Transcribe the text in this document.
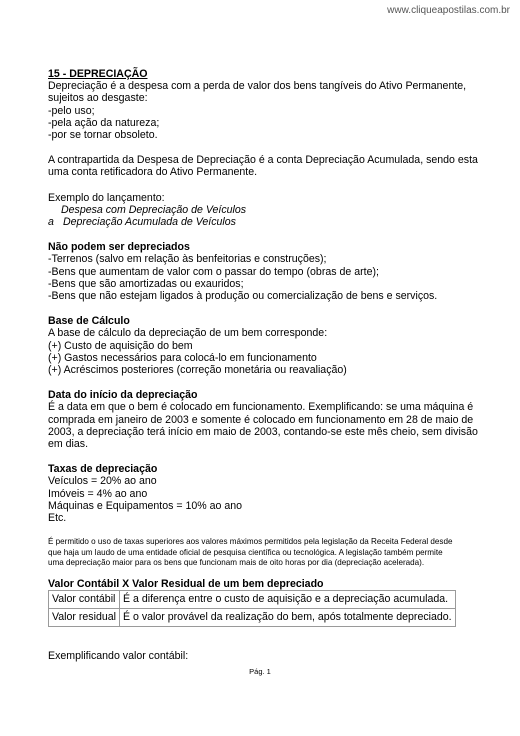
www.cliqueapostilas.com.br

15 - DEPRECIAÇÃO

Depreciação é a despesa com a perda de valor dos bens tangíveis do Ativo Permanente,

sujeitos ao desgaste:

-pelo uso;

-pela ação da natureza;

-por se tornar obsoleto.

A contrapartida da Despesa de Depreciação é a conta Depreciação Acumulada, sendo esta

uma conta retificadora do Ativo Permanente.

Exemplo do lançamento:

Despesa com Depreciação de Veículos

a Depreciação Acumulada de Veículos

Não podem ser depreciados

-Terrenos (salvo em relação às benfeitorias e construções);

-Bens que aumentam de valor com o passar do tempo (obras de arte);

-Bens que são amortizadas ou exauridos;

-Bens que não estejam ligados à produção ou comercialização de bens e serviços.

Base de Cálculo

A base de cálculo da depreciação de um bem corresponde:

(+) Custo de aquisição do bem

(+) Gastos necessários para colocá-lo em funcionamento

(+) Acréscimos posteriores (correção monetária ou reavaliação)

Data do início da depreciação

É a data em que o bem é colocado em funcionamento. Exemplificando: se uma máquina é

comprada em janeiro de 2003 e somente é colocado em funcionamento em 28 de maio de

2003, a depreciação terá início em maio de 2003, contando-se este mês cheio, sem divisão

em dias.

Taxas de depreciação

Veículos = 20% ao ano

Imóveis = 4% ao ano

Máquinas e Equipamentos = 10% ao ano

Etc.

É permitido o uso de taxas superiores aos valores máximos permitidos pela legislação da Receita Federal desde

que haja um laudo de uma entidade oficial de pesquisa científica ou tecnológica. A legislação também permite

uma depreciação maior para os bens que funcionam mais de oito horas por dia (depreciação acelerada).

Valor Contábil X Valor Residual de um bem depreciado

Valor contábil	É a diferença entre o custo de aquisição e a depreciação acumulada.
Valor residual	É o valor provável da realização do bem, após totalmente depreciado.

Exemplificando valor contábil:

Pág. 1
